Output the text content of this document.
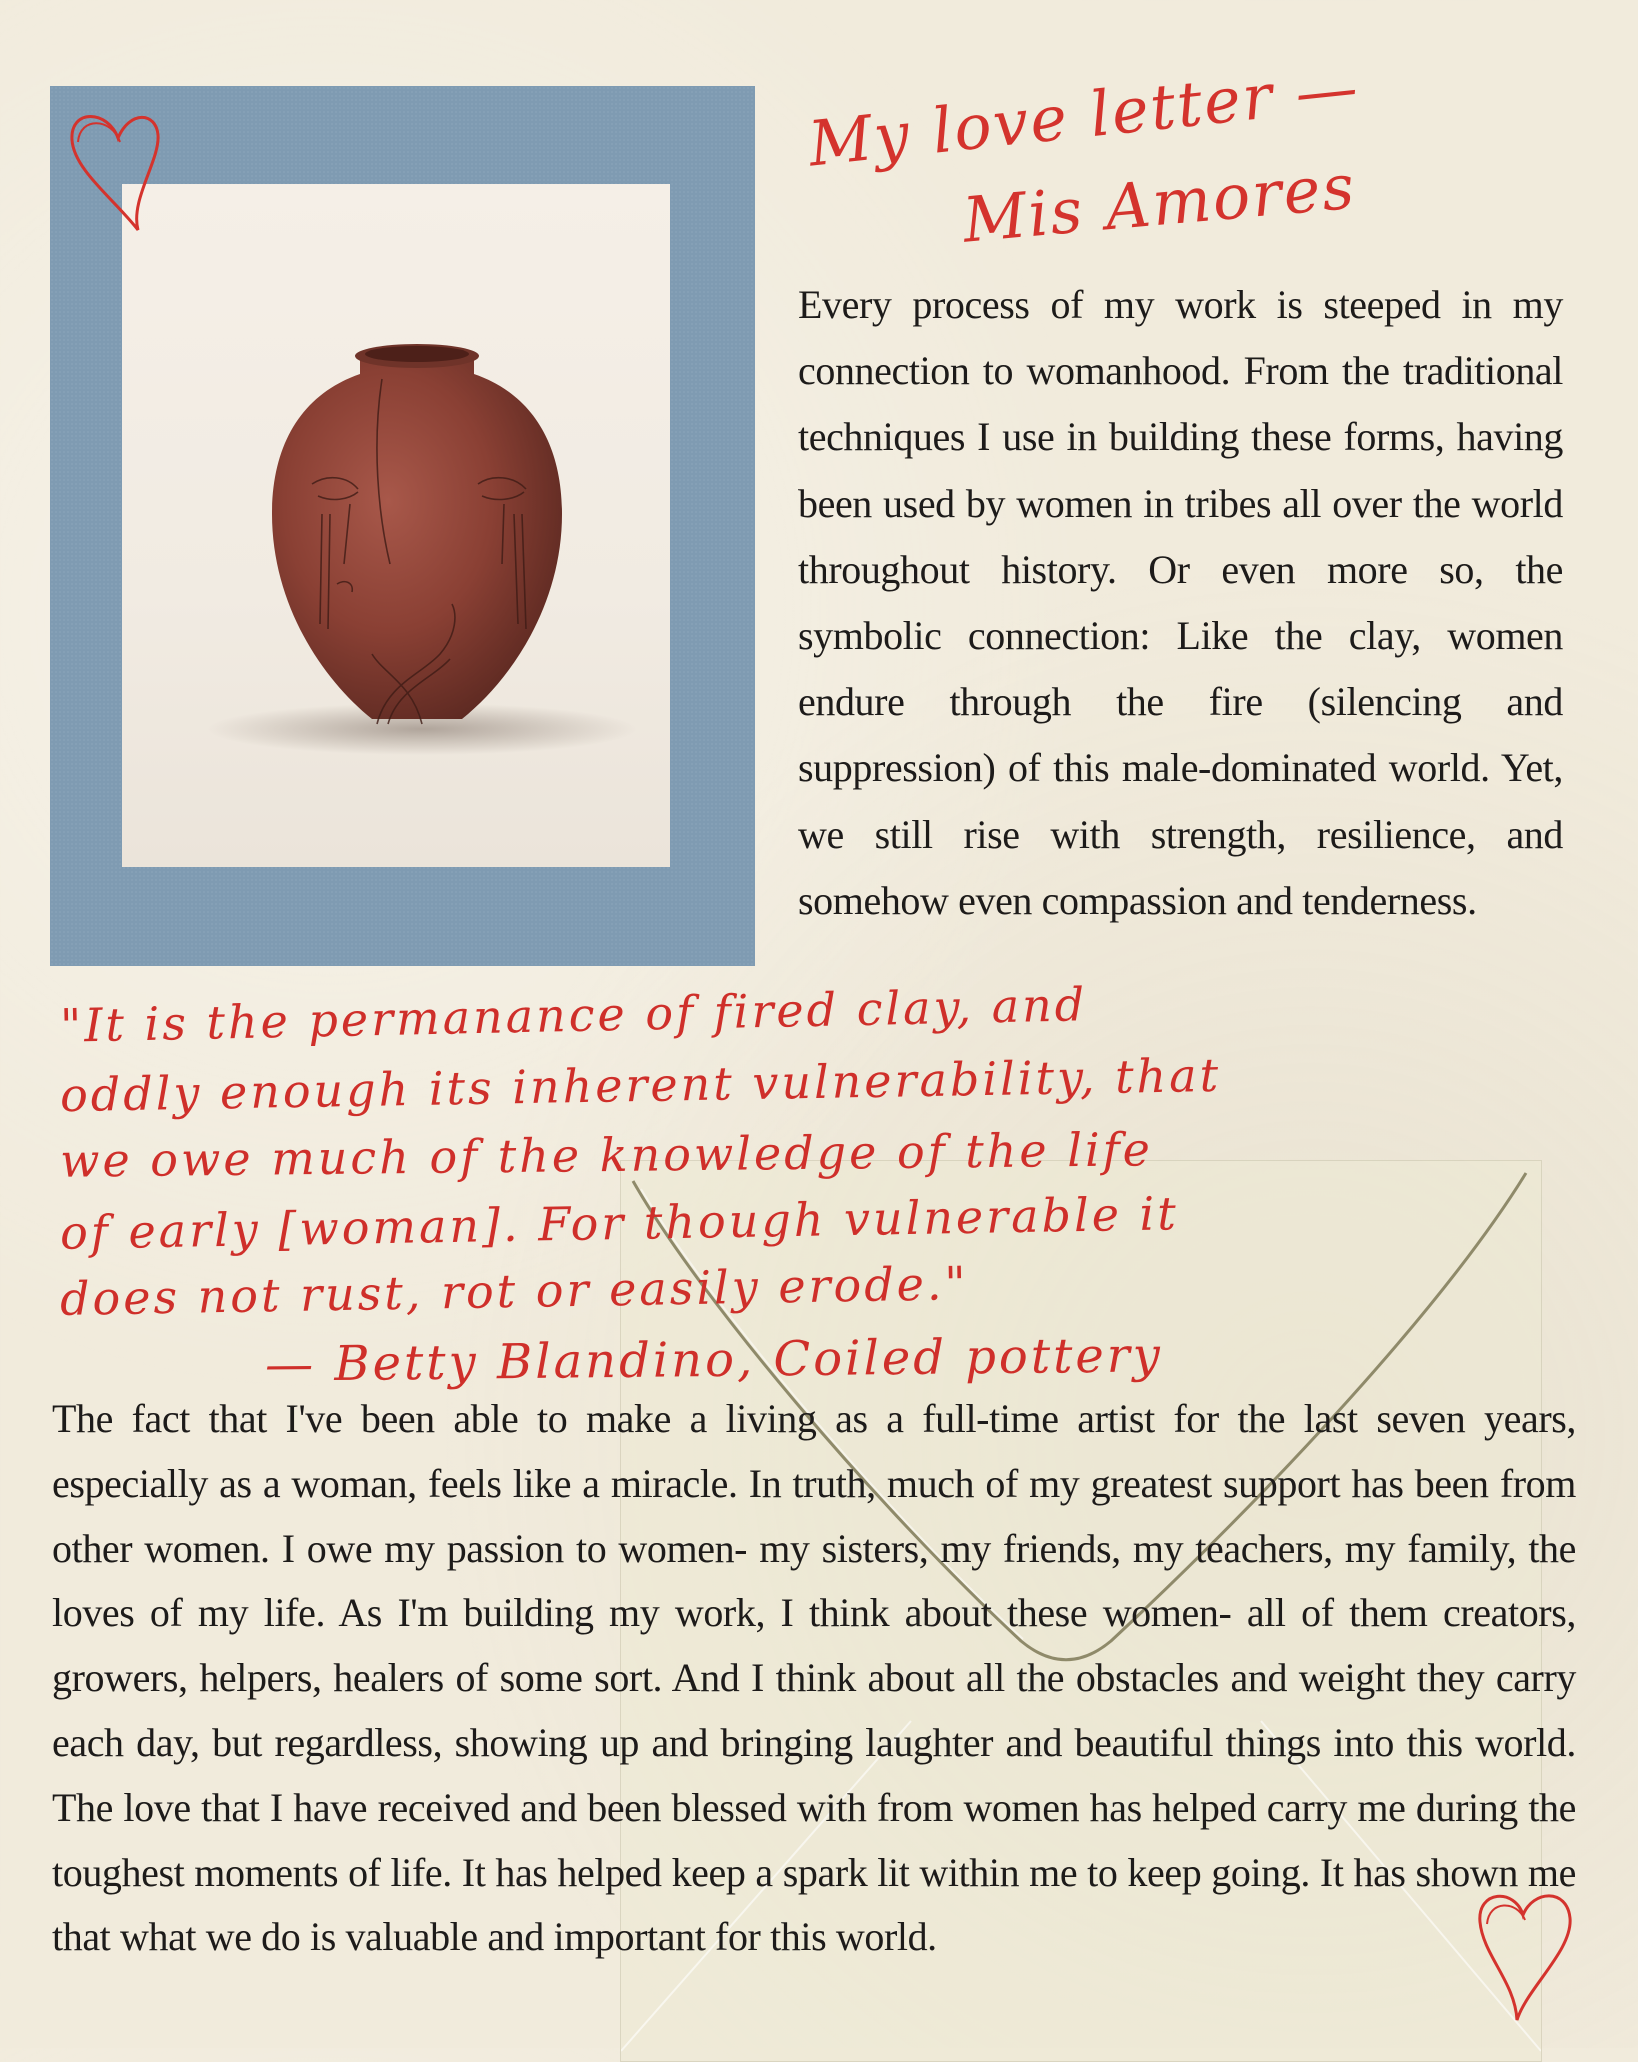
My love letter —
Mis Amores
Every process of my work is steeped in my connection to womanhood. From the traditional techniques I use in building these forms, having been used by women in tribes all over the world throughout history. Or even more so, the symbolic connection: Like the clay, women endure through the fire (silencing and suppression) of this male-dominated world. Yet, we still rise with strength, resilience, and somehow even compassion and tenderness.
"It is the permanance of fired clay, and
oddly enough its inherent vulnerability, that
we owe much of the knowledge of the life
of early [woman]. For though vulnerable it
does not rust, rot or easily erode."
— Betty Blandino, Coiled pottery
The fact that I've been able to make a living as a full-time artist for the last seven years, especially as a woman, feels like a miracle. In truth, much of my greatest support has been from other women. I owe my passion to women- my sisters, my friends, my teachers, my family, the loves of my life. As I'm building my work, I think about these women- all of them creators, growers, helpers, healers of some sort. And I think about all the obstacles and weight they carry each day, but regardless, showing up and bringing laughter and beautiful things into this world. The love that I have received and been blessed with from women has helped carry me during the toughest moments of life. It has helped keep a spark lit within me to keep going. It has shown me that what we do is valuable and important for this world.
